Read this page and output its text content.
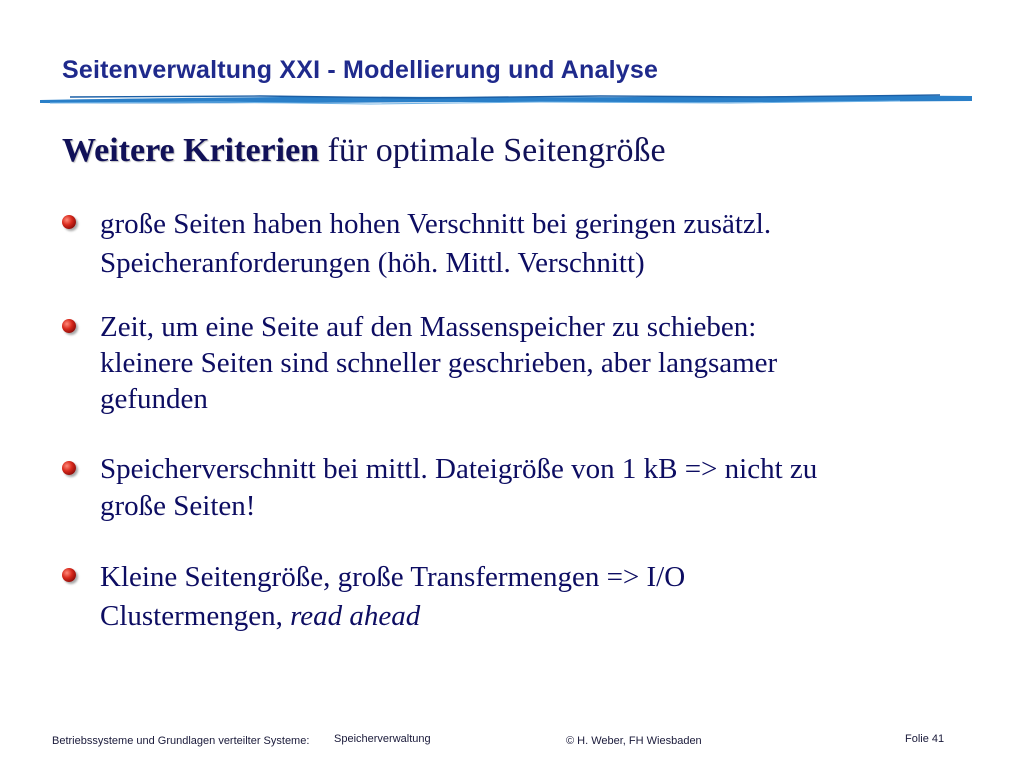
Seitenverwaltung XXI - Modellierung und Analyse
Weitere Kriterien für optimale Seitengröße
große Seiten haben hohen Verschnitt bei geringen zusätzl.
Speicheranforderungen (höh. Mittl. Verschnitt)
Zeit, um eine Seite auf den Massenspeicher zu schieben:
kleinere Seiten sind schneller geschrieben, aber langsamer
gefunden
Speicherverschnitt bei mittl. Dateigröße von 1 kB => nicht zu
große Seiten!
Kleine Seitengröße, große Transfermengen => I/O
Clustermengen, read ahead
Betriebssysteme und Grundlagen verteilter Systeme: Speicherverwaltung	© H. Weber, FH Wiesbaden	Folie 41
